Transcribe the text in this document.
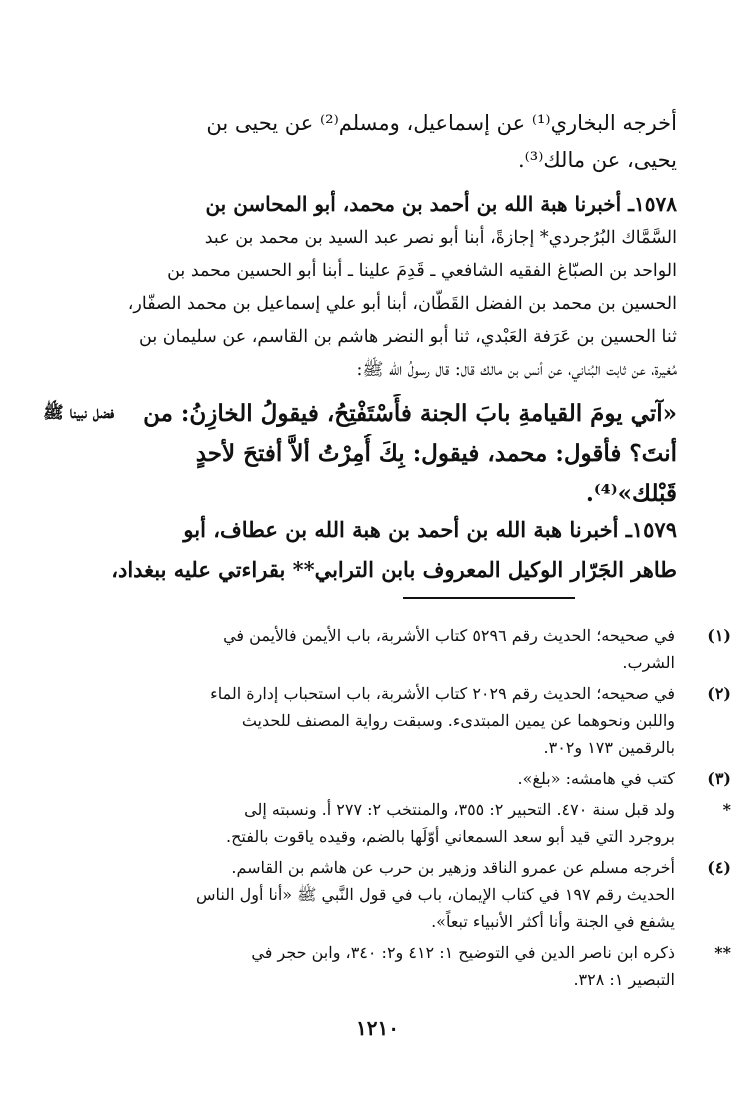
فضل نبينا ﷺ
أخرجه البخاري⁽¹⁾ عن إسماعيل، ومسلم⁽²⁾ عن يحيى بن
يحيى، عن مالك⁽³⁾.
١٥٧٨ـ أخبرنا هبة الله بن أحمد بن محمد، أبو المحاسن بن
السَّمَّاك البُرُجردي* إجازةً، أبنا أبو نصر عبد السيد بن محمد بن عبد
الواحد بن الصبّاغ الفقيه الشافعي ـ قَدِمَ علينا ـ أبنا أبو الحسين محمد بن
الحسين بن محمد بن الفضل القَطّان، أبنا أبو علي إسماعيل بن محمد الصفّار،
ثنا الحسين بن عَرَفة العَبْدي، ثنا أبو النضر هاشم بن القاسم، عن سليمان بن
مُغيرة، عن ثابت البُناني، عن أنس بن مالك قال: قال رسولُ الله ﷺ:
«آتي يومَ القيامةِ بابَ الجنة فأَسْتَفْتِحُ، فيقولُ الخازِنُ: من
أنتَ؟ فأقول: محمد، فيقول: بِكَ أُمِرْتُ ألاَّ أفتحَ لأحدٍ
قَبْلك»⁽⁴⁾.
١٥٧٩ـ أخبرنا هبة الله بن أحمد بن هبة الله بن عطاف، أبو
طاهر الجَرّار الوكيل المعروف بابن الترابي** بقراءتي عليه ببغداد،
(١)
في صحيحه؛ الحديث رقم ٥٢٩٦ كتاب الأشربة، باب الأيمن فالأيمن في
الشرب.
(٢)
في صحيحه؛ الحديث رقم ٢٠٢٩ كتاب الأشربة، باب استحباب إدارة الماء
واللبن ونحوهما عن يمين المبتدىء. وسبقت رواية المصنف للحديث
بالرقمين ١٧٣ و٣٠٢.
(٣)
كتب في هامشه: «بلغ».
*
ولد قبل سنة ٤٧٠. التحبير ٢: ٣٥٥، والمنتخب ٢: ٢٧٧ أ. ونسبته إلى
بروجرد التي قيد أبو سعد السمعاني أوّلَها بالضم، وقيده ياقوت بالفتح.
(٤)
أخرجه مسلم عن عمرو الناقد وزهير بن حرب عن هاشم بن القاسم.
الحديث رقم ١٩٧ في كتاب الإيمان، باب في قول النَّبي ﷺ «أنا أول الناس
يشفع في الجنة وأنا أكثر الأنبياء تبعاً».
**
ذكره ابن ناصر الدين في التوضيح ١: ٤١٢ و٢: ٣٤٠، وابن حجر في
التبصير ١: ٣٢٨.
١٢١٠
